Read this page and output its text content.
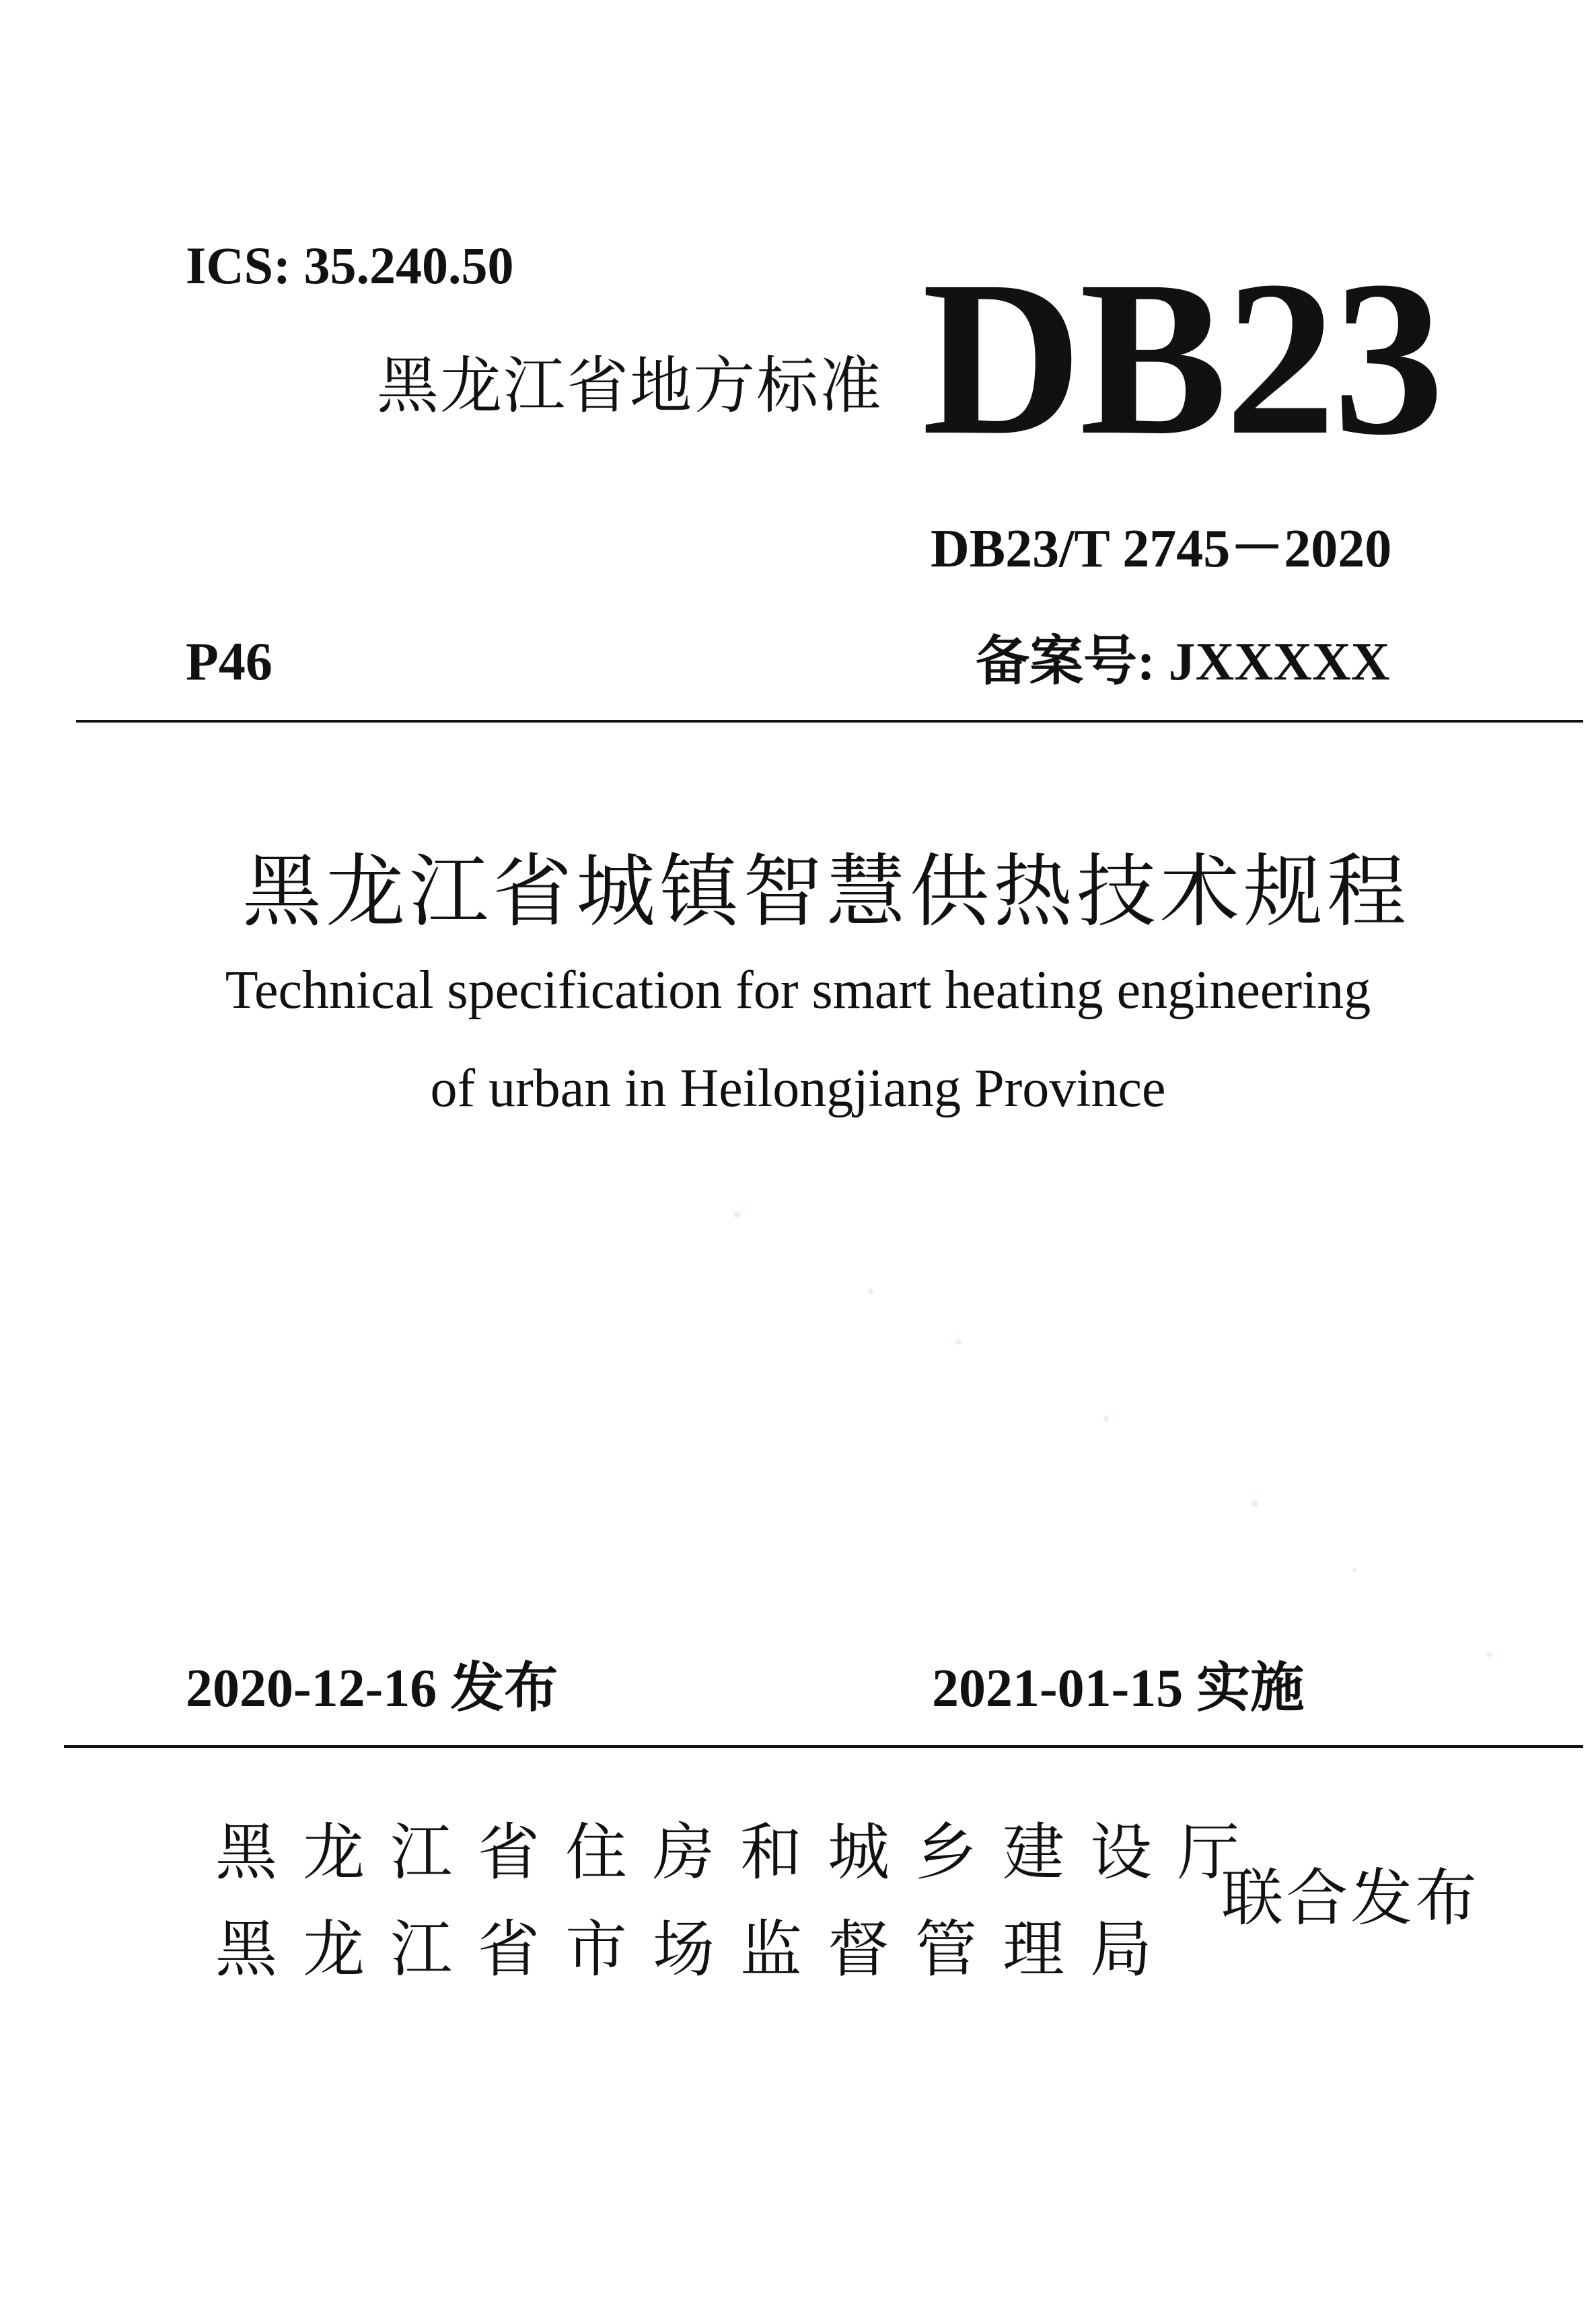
ICS: 35.240.50
黑龙江省地方标准 DB23
DB23/T 2745－2020
P46	备案号: JXXXXX
黑龙江省城镇智慧供热技术规程
Technical specification for smart heating engineering
of urban in Heilongjiang Province
2020-12-16 发布	2021-01-15 实施
黑龙江省住房和城乡建设厅
黑龙江省市场监督管理局
联合发布
